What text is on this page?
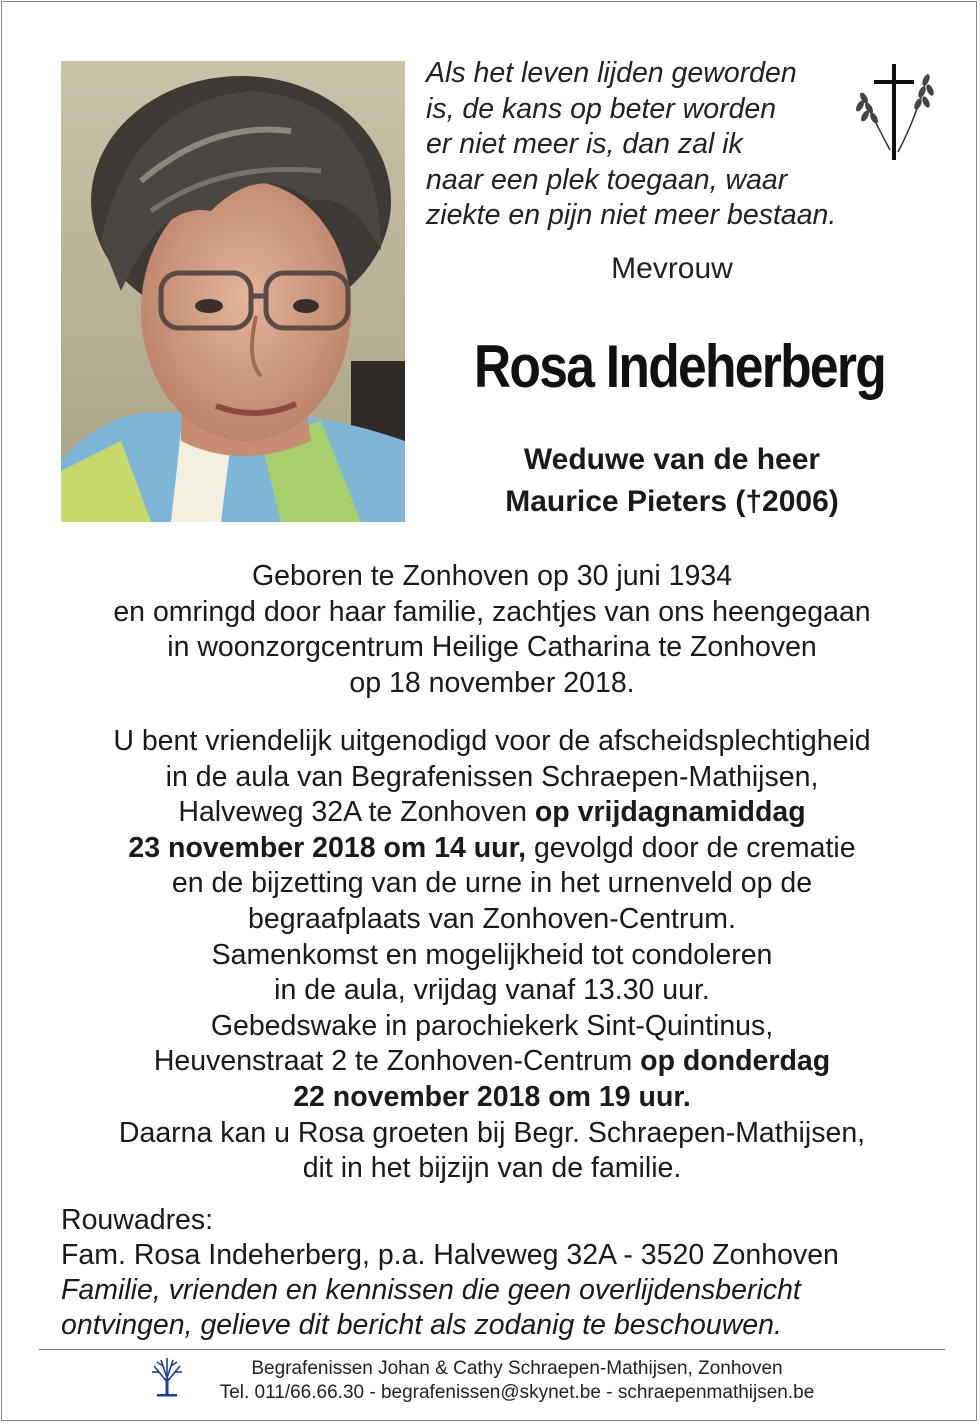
Als het leven lijden geworden
is, de kans op beter worden
er niet meer is, dan zal ik
naar een plek toegaan, waar
ziekte en pijn niet meer bestaan.
Mevrouw
Rosa Indeherberg
Weduwe van de heer
Maurice Pieters (†2006)
Geboren te Zonhoven op 30 juni 1934
en omringd door haar familie, zachtjes van ons heengegaan
in woonzorgcentrum Heilige Catharina te Zonhoven
op 18 november 2018.
U bent vriendelijk uitgenodigd voor de afscheidsplechtigheid
in de aula van Begrafenissen Schraepen-Mathijsen,
Halveweg 32A te Zonhoven op vrijdagnamiddag
23 november 2018 om 14 uur, gevolgd door de crematie
en de bijzetting van de urne in het urnenveld op de
begraafplaats van Zonhoven-Centrum.
Samenkomst en mogelijkheid tot condoleren
in de aula, vrijdag vanaf 13.30 uur.
Gebedswake in parochiekerk Sint-Quintinus,
Heuvenstraat 2 te Zonhoven-Centrum op donderdag
22 november 2018 om 19 uur.
Daarna kan u Rosa groeten bij Begr. Schraepen-Mathijsen,
dit in het bijzijn van de familie.
Rouwadres:
Fam. Rosa Indeherberg, p.a. Halveweg 32A - 3520 Zonhoven
Familie, vrienden en kennissen die geen overlijdensbericht
ontvingen, gelieve dit bericht als zodanig te beschouwen.
Begrafenissen Johan & Cathy Schraepen-Mathijsen, Zonhoven
Tel. 011/66.66.30 - begrafenissen@skynet.be - schraepenmathijsen.be
